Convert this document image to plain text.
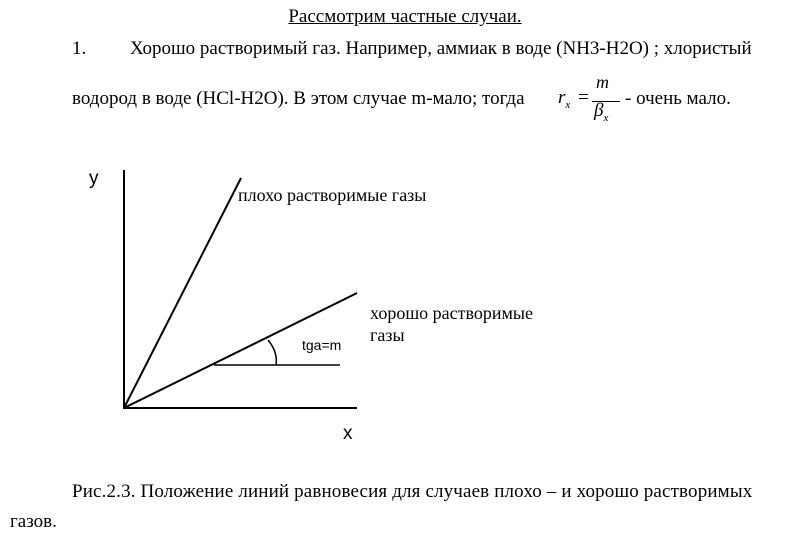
Рассмотрим частные случаи.
1. Хорошо растворимый газ. Например, аммиак в воде (NH3-H2O) ; хлористый
водород в воде (HCl-H2O). В этом случае m-мало; тогда $r_x$ =
m
$\beta_x$
- очень мало.
y
x
плохо растворимые газы
хорошо растворимые
газы
tga=m
Рис.2.3. Положение линий равновесия для случаев плохо – и хорошо растворимых
газов.
